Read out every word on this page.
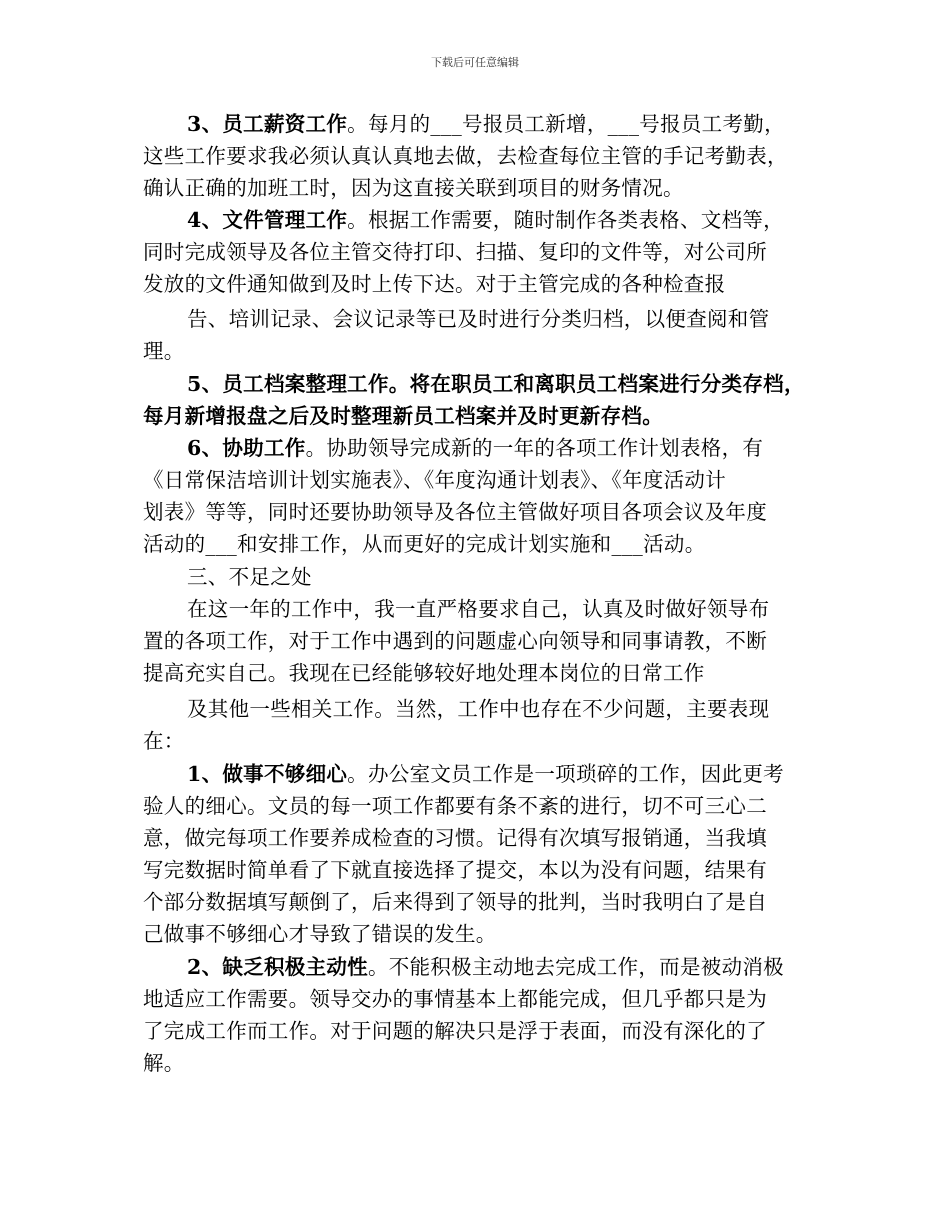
下载后可任意编辑
3、员工薪资工作。每月的___号报员工新增，___号报员工考勤，
这些工作要求我必须认真认真地去做，去检查每位主管的手记考勤表，
确认正确的加班工时，因为这直接关联到项目的财务情况。
4、文件管理工作。根据工作需要，随时制作各类表格、文档等，
同时完成领导及各位主管交待打印、扫描、复印的文件等，对公司所
发放的文件通知做到及时上传下达。对于主管完成的各种检查报
告、培训记录、会议记录等已及时进行分类归档，以便查阅和管
理。
5、员工档案整理工作。将在职员工和离职员工档案进行分类存档，
每月新增报盘之后及时整理新员工档案并及时更新存档。
6、协助工作。协助领导完成新的一年的各项工作计划表格，有
《日常保洁培训计划实施表》、《年度沟通计划表》、《年度活动计
划表》等等，同时还要协助领导及各位主管做好项目各项会议及年度
活动的___和安排工作，从而更好的完成计划实施和___活动。
三、不足之处
在这一年的工作中，我一直严格要求自己，认真及时做好领导布
置的各项工作，对于工作中遇到的问题虚心向领导和同事请教，不断
提高充实自己。我现在已经能够较好地处理本岗位的日常工作
及其他一些相关工作。当然，工作中也存在不少问题，主要表现
在：
1、做事不够细心。办公室文员工作是一项琐碎的工作，因此更考
验人的细心。文员的每一项工作都要有条不紊的进行，切不可三心二
意，做完每项工作要养成检查的习惯。记得有次填写报销通，当我填
写完数据时简单看了下就直接选择了提交，本以为没有问题，结果有
个部分数据填写颠倒了，后来得到了领导的批判，当时我明白了是自
己做事不够细心才导致了错误的发生。
2、缺乏积极主动性。不能积极主动地去完成工作，而是被动消极
地适应工作需要。领导交办的事情基本上都能完成，但几乎都只是为
了完成工作而工作。对于问题的解决只是浮于表面，而没有深化的了
解。
